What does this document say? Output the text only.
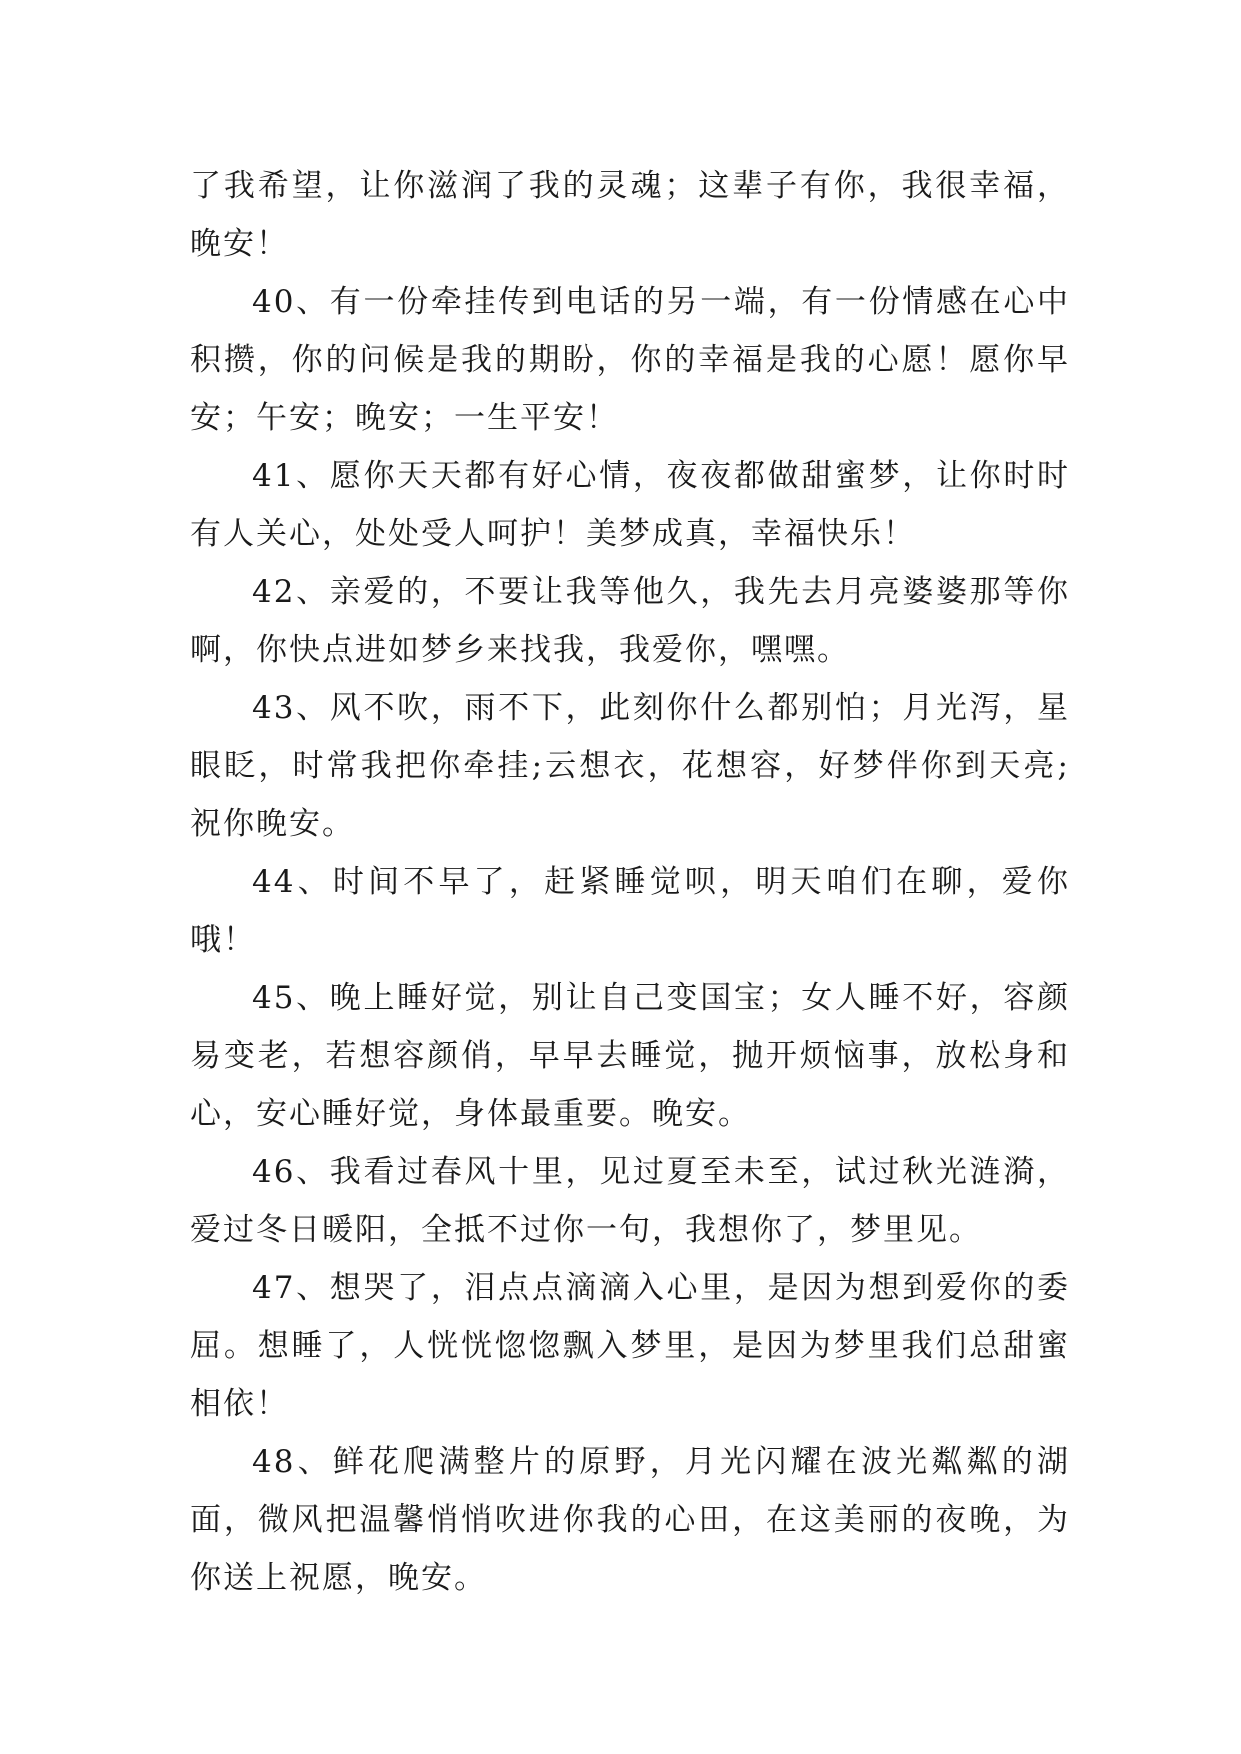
了我希望，让你滋润了我的灵魂；这辈子有你，我很幸福，晚安！

40、有一份牵挂传到电话的另一端，有一份情感在心中积攒，你的问候是我的期盼，你的幸福是我的心愿！愿你早安；午安；晚安；一生平安！

41、愿你天天都有好心情，夜夜都做甜蜜梦，让你时时有人关心，处处受人呵护！美梦成真，幸福快乐！

42、亲爱的，不要让我等他久，我先去月亮婆婆那等你啊，你快点进如梦乡来找我，我爱你，嘿嘿。

43、风不吹，雨不下，此刻你什么都别怕；月光泻，星眼眨，时常我把你牵挂;云想衣，花想容，好梦伴你到天亮;祝你晚安。

44、时间不早了，赶紧睡觉呗，明天咱们在聊，爱你哦！

45、晚上睡好觉，别让自己变国宝；女人睡不好，容颜易变老，若想容颜俏，早早去睡觉，抛开烦恼事，放松身和心，安心睡好觉，身体最重要。晚安。

46、我看过春风十里，见过夏至未至，试过秋光涟漪，爱过冬日暖阳，全抵不过你一句，我想你了，梦里见。

47、想哭了，泪点点滴滴入心里，是因为想到爱你的委屈。想睡了，人恍恍惚惚飘入梦里，是因为梦里我们总甜蜜相依！

48、鲜花爬满整片的原野，月光闪耀在波光粼粼的湖面，微风把温馨悄悄吹进你我的心田，在这美丽的夜晚，为你送上祝愿，晚安。
